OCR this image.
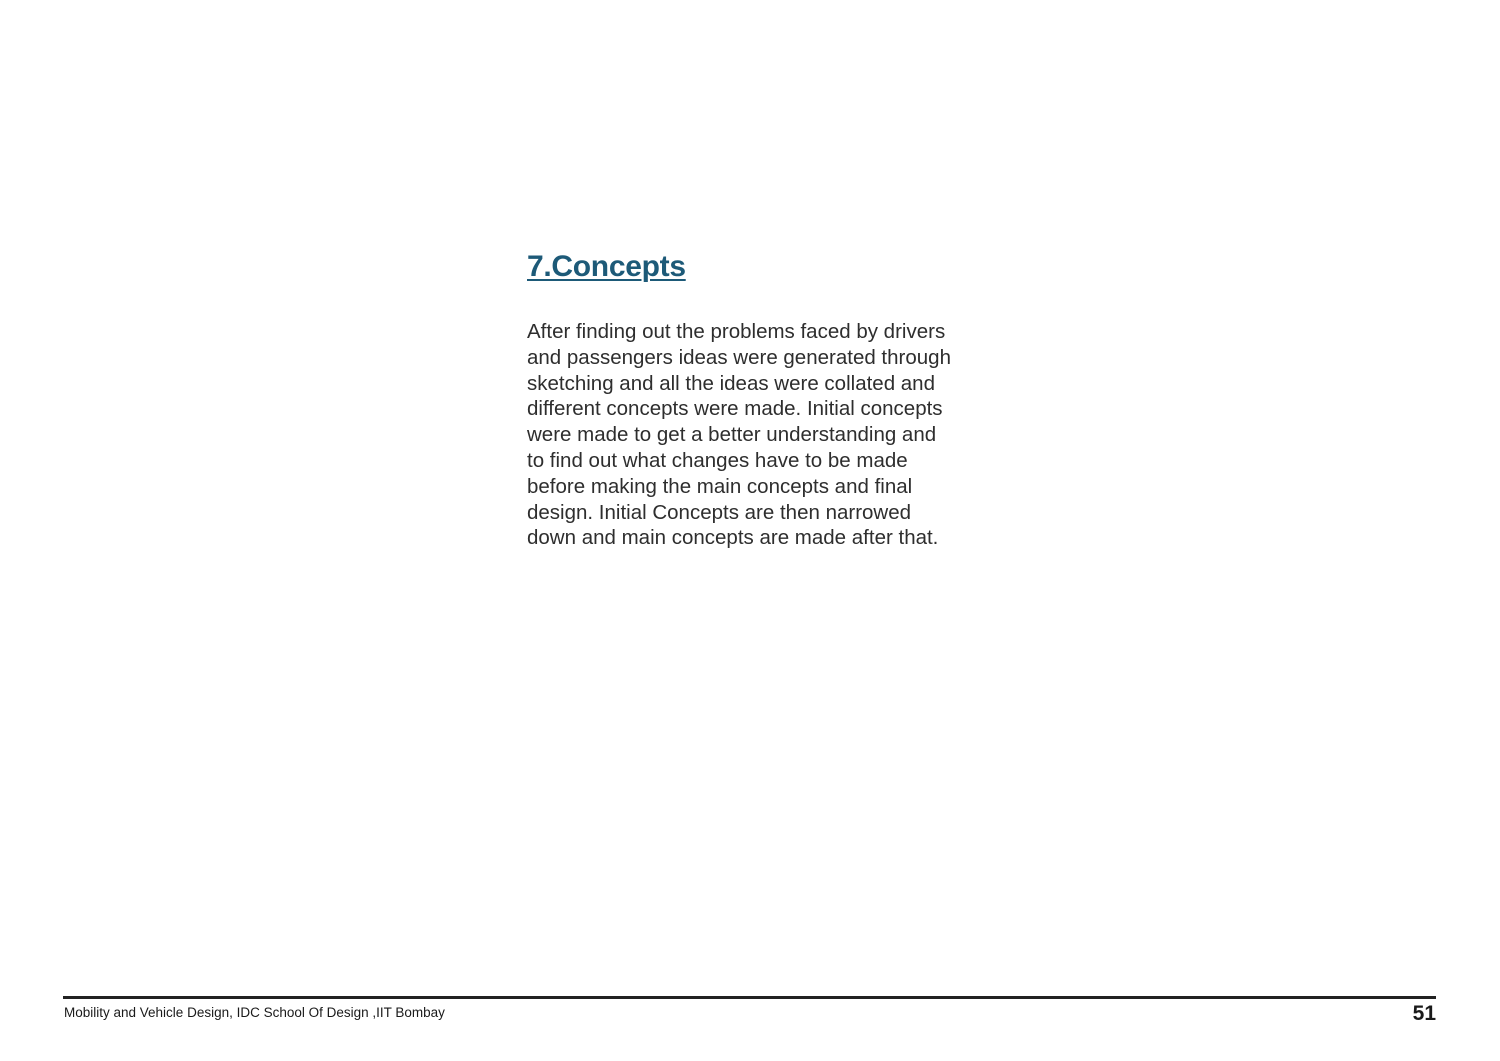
7.Concepts

After finding out the problems faced by drivers
and passengers ideas were generated through
sketching and all the ideas were collated and
different concepts were made. Initial concepts
were made to get a better understanding and
to find out what changes have to be made
before making the main concepts and final
design. Initial Concepts are then narrowed
down and main concepts are made after that.

Mobility and Vehicle Design, IDC School Of Design ,IIT Bombay	51
